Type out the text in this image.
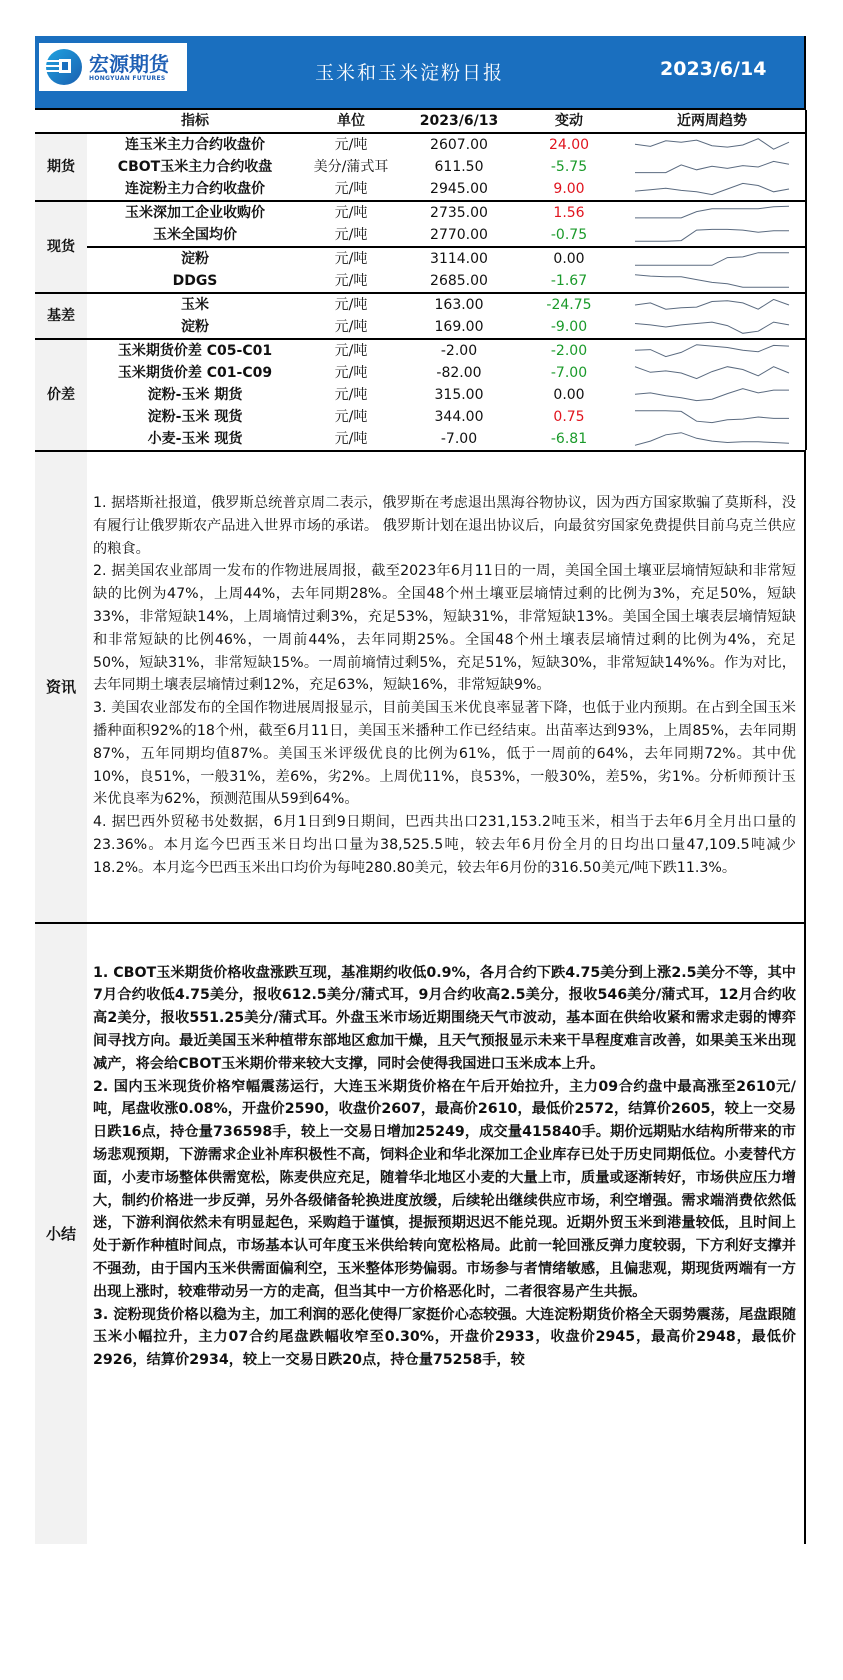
宏源期货
HONGYUAN FUTURES	玉米和玉米淀粉日报	2023/6/14
	指标	单位	2023/6/13	变动	近两周趋势
期货	连玉米主力合约收盘价	元/吨	2607.00	24.00	

	CBOT玉米主力合约收盘	美分/蒲式耳	611.50	-5.75	

	连淀粉主力合约收盘价	元/吨	2945.00	9.00	

现货	玉米深加工企业收购价	元/吨	2735.00	1.56	

	玉米全国均价	元/吨	2770.00	-0.75	

	淀粉	元/吨	3114.00	0.00	

	DDGS	元/吨	2685.00	-1.67	

基差	玉米	元/吨	163.00	-24.75	

	淀粉	元/吨	169.00	-9.00	

价差	玉米期货价差 C05-C01	元/吨	-2.00	-2.00	

	玉米期货价差 C01-C09	元/吨	-82.00	-7.00	

	淀粉-玉米 期货	元/吨	315.00	0.00	

	淀粉-玉米 现货	元/吨	344.00	0.75	

	小麦-玉米 现货	元/吨	-7.00	-6.81	
资讯

1. 据塔斯社报道，俄罗斯总统普京周二表示，俄罗斯在考虑退出黑海谷物协议，因为西方国家欺骗了莫斯科，没有履行让俄罗斯农产品进入世界市场的承诺。 俄罗斯计划在退出协议后，向最贫穷国家免费提供目前乌克兰供应的粮食。

2. 据美国农业部周一发布的作物进展周报，截至2023年6月11日的一周，美国全国土壤亚层墒情短缺和非常短缺的比例为47%，上周44%，去年同期28%。全国48个州土壤亚层墒情过剩的比例为3%，充足50%，短缺33%，非常短缺14%，上周墒情过剩3%，充足53%，短缺31%，非常短缺13%。美国全国土壤表层墒情短缺和非常短缺的比例46%，一周前44%，去年同期25%。全国48个州土壤表层墒情过剩的比例为4%，充足50%，短缺31%，非常短缺15%。一周前墒情过剩5%，充足51%，短缺30%，非常短缺14%%。作为对比，去年同期土壤表层墒情过剩12%，充足63%，短缺16%，非常短缺9%。

3. 美国农业部发布的全国作物进展周报显示，目前美国玉米优良率显著下降，也低于业内预期。在占到全国玉米播种面积92%的18个州，截至6月11日，美国玉米播种工作已经结束。出苗率达到93%，上周85%，去年同期87%，五年同期均值87%。美国玉米评级优良的比例为61%，低于一周前的64%，去年同期72%。其中优10%，良51%，一般31%，差6%，劣2%。上周优11%，良53%，一般30%，差5%，劣1%。分析师预计玉米优良率为62%，预测范围从59到64%。

4. 据巴西外贸秘书处数据，6月1日到9日期间，巴西共出口231,153.2吨玉米，相当于去年6月全月出口量的23.36%。本月迄今巴西玉米日均出口量为38,525.5吨，较去年6月份全月的日均出口量47,109.5吨减少18.2%。本月迄今巴西玉米出口均价为每吨280.80美元，较去年6月份的316.50美元/吨下跌11.3%。

小结

1. CBOT玉米期货价格收盘涨跌互现，基准期约收低0.9%，各月合约下跌4.75美分到上涨2.5美分不等，其中7月合约收低4.75美分，报收612.5美分/蒲式耳，9月合约收高2.5美分，报收546美分/蒲式耳，12月合约收高2美分，报收551.25美分/蒲式耳。外盘玉米市场近期围绕天气市波动，基本面在供给收紧和需求走弱的博弈间寻找方向。最近美国玉米种植带东部地区愈加干燥，且天气预报显示未来干旱程度难言改善，如果美玉米出现减产，将会给CBOT玉米期价带来较大支撑，同时会使得我国进口玉米成本上升。

2. 国内玉米现货价格窄幅震荡运行，大连玉米期货价格在午后开始拉升，主力09合约盘中最高涨至2610元/吨，尾盘收涨0.08%，开盘价2590，收盘价2607，最高价2610，最低价2572，结算价2605，较上一交易日跌16点，持仓量736598手，较上一交易日增加25249，成交量415840手。期价远期贴水结构所带来的市场悲观预期，下游需求企业补库积极性不高，饲料企业和华北深加工企业库存已处于历史同期低位。小麦替代方面，小麦市场整体供需宽松，陈麦供应充足，随着华北地区小麦的大量上市，质量或逐渐转好，市场供应压力增大，制约价格进一步反弹，另外各级储备轮换进度放缓，后续轮出继续供应市场，利空增强。需求端消费依然低迷，下游利润依然未有明显起色，采购趋于谨慎，提振预期迟迟不能兑现。近期外贸玉米到港量较低，且时间上处于新作种植时间点，市场基本认可年度玉米供给转向宽松格局。此前一轮回涨反弹力度较弱，下方利好支撑并不强劲，由于国内玉米供需面偏利空，玉米整体形势偏弱。市场参与者情绪敏感，且偏悲观，期现货两端有一方出现上涨时，较难带动另一方的走高，但当其中一方价格恶化时，二者很容易产生共振。

3. 淀粉现货价格以稳为主，加工利润的恶化使得厂家挺价心态较强。大连淀粉期货价格全天弱势震荡，尾盘跟随玉米小幅拉升，主力07合约尾盘跌幅收窄至0.30%，开盘价2933，收盘价2945，最高价2948，最低价2926，结算价2934，较上一交易日跌20点，持仓量75258手，较
